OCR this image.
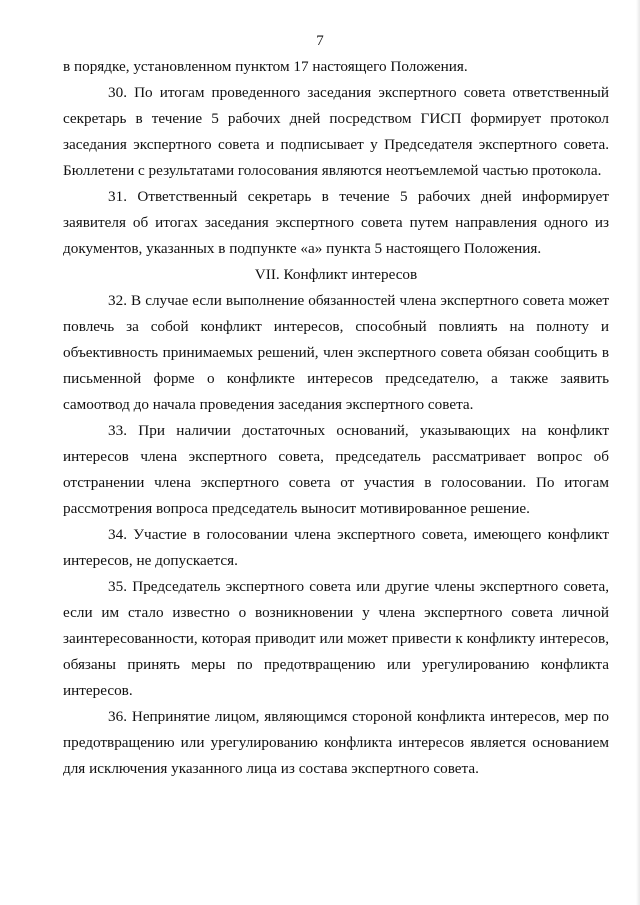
7

в порядке, установленном пунктом 17 настоящего Положения.

30. По итогам проведенного заседания экспертного совета ответственный секретарь в течение 5 рабочих дней посредством ГИСП формирует протокол заседания экспертного совета и подписывает у Председателя экспертного совета. Бюллетени с результатами голосования являются неотъемлемой частью протокола.

31. Ответственный секретарь в течение 5 рабочих дней информирует заявителя об итогах заседания экспертного совета путем направления одного из документов, указанных в подпункте «а» пункта 5 настоящего Положения.

VII. Конфликт интересов

32. В случае если выполнение обязанностей члена экспертного совета может повлечь за собой конфликт интересов, способный повлиять на полноту и объективность принимаемых решений, член экспертного совета обязан сообщить в письменной форме о конфликте интересов председателю, а также заявить самоотвод до начала проведения заседания экспертного совета.

33. При наличии достаточных оснований, указывающих на конфликт интересов члена экспертного совета, председатель рассматривает вопрос об отстранении члена экспертного совета от участия в голосовании. По итогам рассмотрения вопроса председатель выносит мотивированное решение.

34. Участие в голосовании члена экспертного совета, имеющего конфликт интересов, не допускается.

35. Председатель экспертного совета или другие члены экспертного совета, если им стало известно о возникновении у члена экспертного совета личной заинтересованности, которая приводит или может привести к конфликту интересов, обязаны принять меры по предотвращению или урегулированию конфликта интересов.

36. Непринятие лицом, являющимся стороной конфликта интересов, мер по предотвращению или урегулированию конфликта интересов является основанием для исключения указанного лица из состава экспертного совета.
